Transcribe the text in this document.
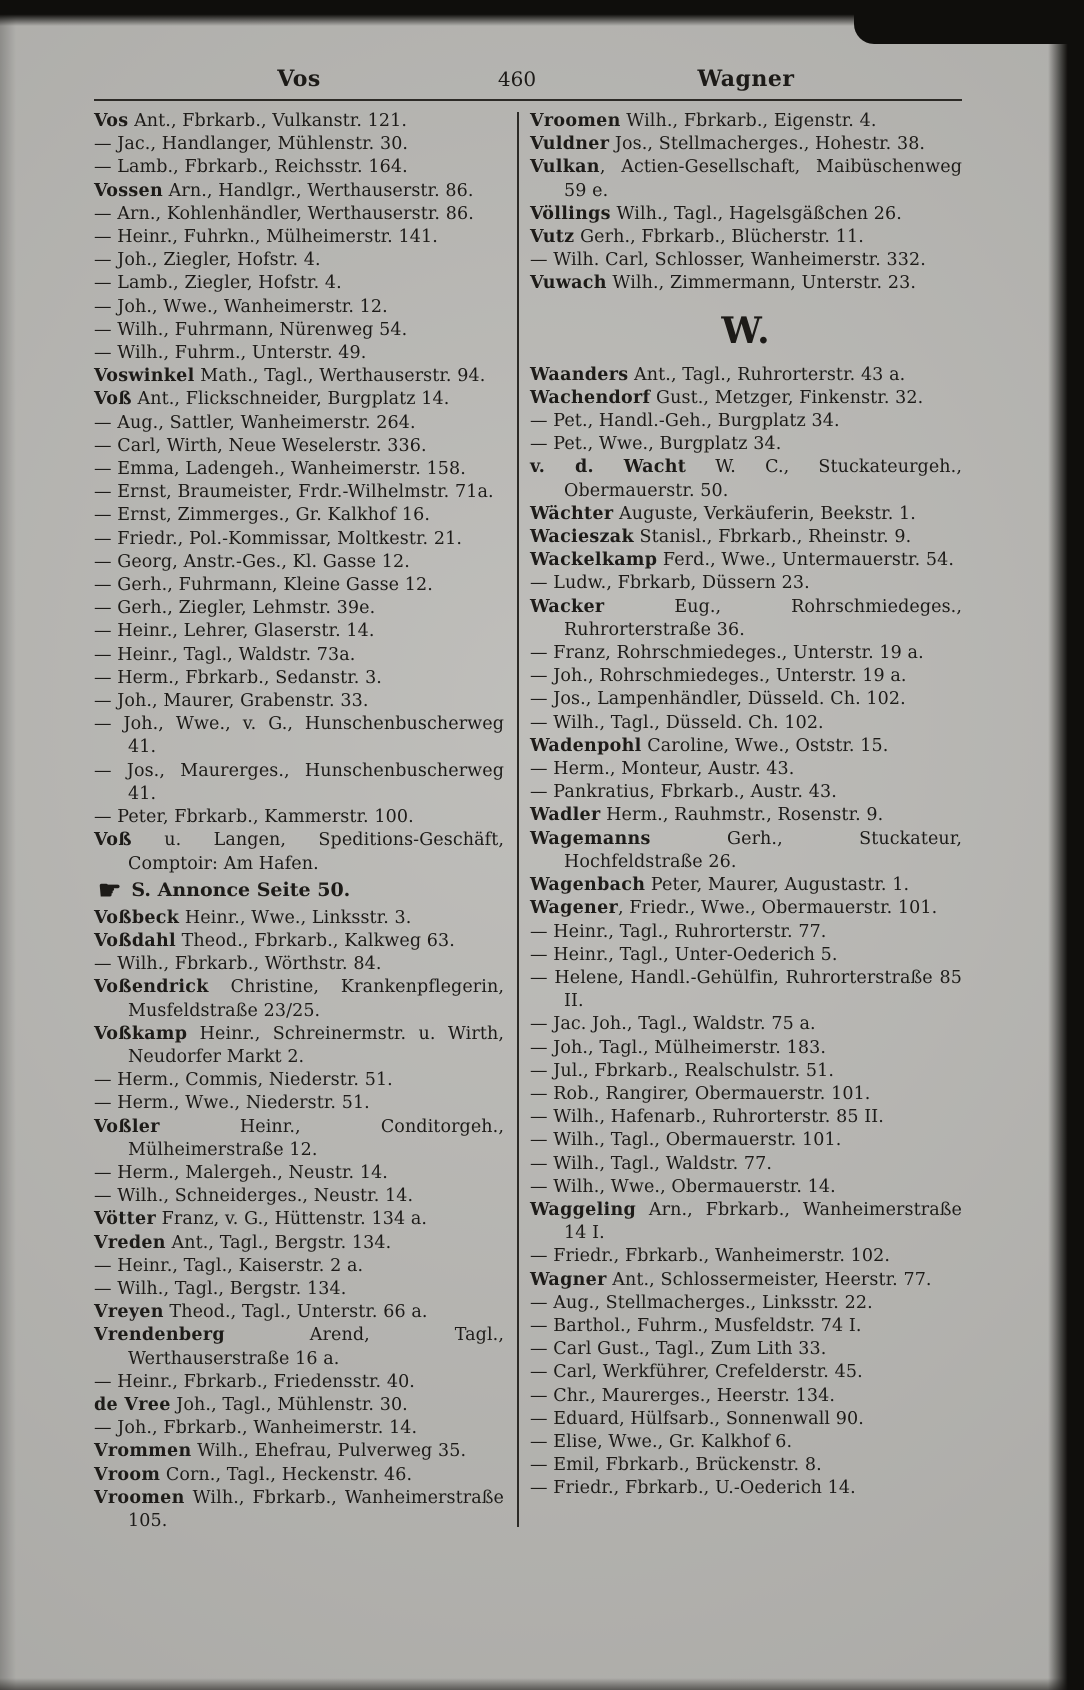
Vos	460	Wagner
Vos Ant., Fbrkarb., Vulkanstr. 121.
— Jac., Handlanger, Mühlenstr. 30.
— Lamb., Fbrkarb., Reichsstr. 164.
Vossen Arn., Handlgr., Werthauserstr. 86.
— Arn., Kohlenhändler, Werthauserstr. 86.
— Heinr., Fuhrkn., Mülheimerstr. 141.
— Joh., Ziegler, Hofstr. 4.
— Lamb., Ziegler, Hofstr. 4.
— Joh., Wwe., Wanheimerstr. 12.
— Wilh., Fuhrmann, Nürenweg 54.
— Wilh., Fuhrm., Unterstr. 49.
Voswinkel Math., Tagl., Werthauserstr. 94.
Voß Ant., Flickschneider, Burgplatz 14.
— Aug., Sattler, Wanheimerstr. 264.
— Carl, Wirth, Neue Weselerstr. 336.
— Emma, Ladengeh., Wanheimerstr. 158.
— Ernst, Braumeister, Frdr.-Wilhelmstr. 71a.
— Ernst, Zimmerges., Gr. Kalkhof 16.
— Friedr., Pol.-Kommissar, Moltkestr. 21.
— Georg, Anstr.-Ges., Kl. Gasse 12.
— Gerh., Fuhrmann, Kleine Gasse 12.
— Gerh., Ziegler, Lehmstr. 39e.
— Heinr., Lehrer, Glaserstr. 14.
— Heinr., Tagl., Waldstr. 73a.
— Herm., Fbrkarb., Sedanstr. 3.
— Joh., Maurer, Grabenstr. 33.
— Joh., Wwe., v. G., Hunschenbuscherweg 41.
— Jos., Maurerges., Hunschenbuscherweg 41.
— Peter, Fbrkarb., Kammerstr. 100.
Voß u. Langen, Speditions-Geschäft, Comptoir: Am Hafen.
☛ S. Annonce Seite 50.
Voßbeck Heinr., Wwe., Linksstr. 3.
Voßdahl Theod., Fbrkarb., Kalkweg 63.
— Wilh., Fbrkarb., Wörthstr. 84.
Voßendrick Christine, Krankenpflegerin, Musfeldstraße 23/25.
Voßkamp Heinr., Schreinermstr. u. Wirth, Neudorfer Markt 2.
— Herm., Commis, Niederstr. 51.
— Herm., Wwe., Niederstr. 51.
Voßler Heinr., Conditorgeh., Mülheimerstraße 12.
— Herm., Malergeh., Neustr. 14.
— Wilh., Schneiderges., Neustr. 14.
Vötter Franz, v. G., Hüttenstr. 134 a.
Vreden Ant., Tagl., Bergstr. 134.
— Heinr., Tagl., Kaiserstr. 2 a.
— Wilh., Tagl., Bergstr. 134.
Vreyen Theod., Tagl., Unterstr. 66 a.
Vrendenberg Arend, Tagl., Werthauserstraße 16 a.
— Heinr., Fbrkarb., Friedensstr. 40.
de Vree Joh., Tagl., Mühlenstr. 30.
— Joh., Fbrkarb., Wanheimerstr. 14.
Vrommen Wilh., Ehefrau, Pulverweg 35.
Vroom Corn., Tagl., Heckenstr. 46.
Vroomen Wilh., Fbrkarb., Wanheimerstraße 105.
Vroomen Wilh., Fbrkarb., Eigenstr. 4.
Vuldner Jos., Stellmacherges., Hohestr. 38.
Vulkan, Actien-Gesellschaft, Maibüschenweg 59 e.
Völlings Wilh., Tagl., Hagelsgäßchen 26.
Vutz Gerh., Fbrkarb., Blücherstr. 11.
— Wilh. Carl, Schlosser, Wanheimerstr. 332.
Vuwach Wilh., Zimmermann, Unterstr. 23.
W.
Waanders Ant., Tagl., Ruhrorterstr. 43 a.
Wachendorf Gust., Metzger, Finkenstr. 32.
— Pet., Handl.-Geh., Burgplatz 34.
— Pet., Wwe., Burgplatz 34.
v. d. Wacht W. C., Stuckateurgeh., Obermauerstr. 50.
Wächter Auguste, Verkäuferin, Beekstr. 1.
Wacieszak Stanisl., Fbrkarb., Rheinstr. 9.
Wackelkamp Ferd., Wwe., Untermauerstr. 54.
— Ludw., Fbrkarb, Düssern 23.
Wacker Eug., Rohrschmiedeges., Ruhrorterstraße 36.
— Franz, Rohrschmiedeges., Unterstr. 19 a.
— Joh., Rohrschmiedeges., Unterstr. 19 a.
— Jos., Lampenhändler, Düsseld. Ch. 102.
— Wilh., Tagl., Düsseld. Ch. 102.
Wadenpohl Caroline, Wwe., Oststr. 15.
— Herm., Monteur, Austr. 43.
— Pankratius, Fbrkarb., Austr. 43.
Wadler Herm., Rauhmstr., Rosenstr. 9.
Wagemanns Gerh., Stuckateur, Hochfeldstraße 26.
Wagenbach Peter, Maurer, Augustastr. 1.
Wagener, Friedr., Wwe., Obermauerstr. 101.
— Heinr., Tagl., Ruhrorterstr. 77.
— Heinr., Tagl., Unter-Oederich 5.
— Helene, Handl.-Gehülfin, Ruhrorterstraße 85 II.
— Jac. Joh., Tagl., Waldstr. 75 a.
— Joh., Tagl., Mülheimerstr. 183.
— Jul., Fbrkarb., Realschulstr. 51.
— Rob., Rangirer, Obermauerstr. 101.
— Wilh., Hafenarb., Ruhrorterstr. 85 II.
— Wilh., Tagl., Obermauerstr. 101.
— Wilh., Tagl., Waldstr. 77.
— Wilh., Wwe., Obermauerstr. 14.
Waggeling Arn., Fbrkarb., Wanheimerstraße 14 I.
— Friedr., Fbrkarb., Wanheimerstr. 102.
Wagner Ant., Schlossermeister, Heerstr. 77.
— Aug., Stellmacherges., Linksstr. 22.
— Barthol., Fuhrm., Musfeldstr. 74 I.
— Carl Gust., Tagl., Zum Lith 33.
— Carl, Werkführer, Crefelderstr. 45.
— Chr., Maurerges., Heerstr. 134.
— Eduard, Hülfsarb., Sonnenwall 90.
— Elise, Wwe., Gr. Kalkhof 6.
— Emil, Fbrkarb., Brückenstr. 8.
— Friedr., Fbrkarb., U.-Oederich 14.
